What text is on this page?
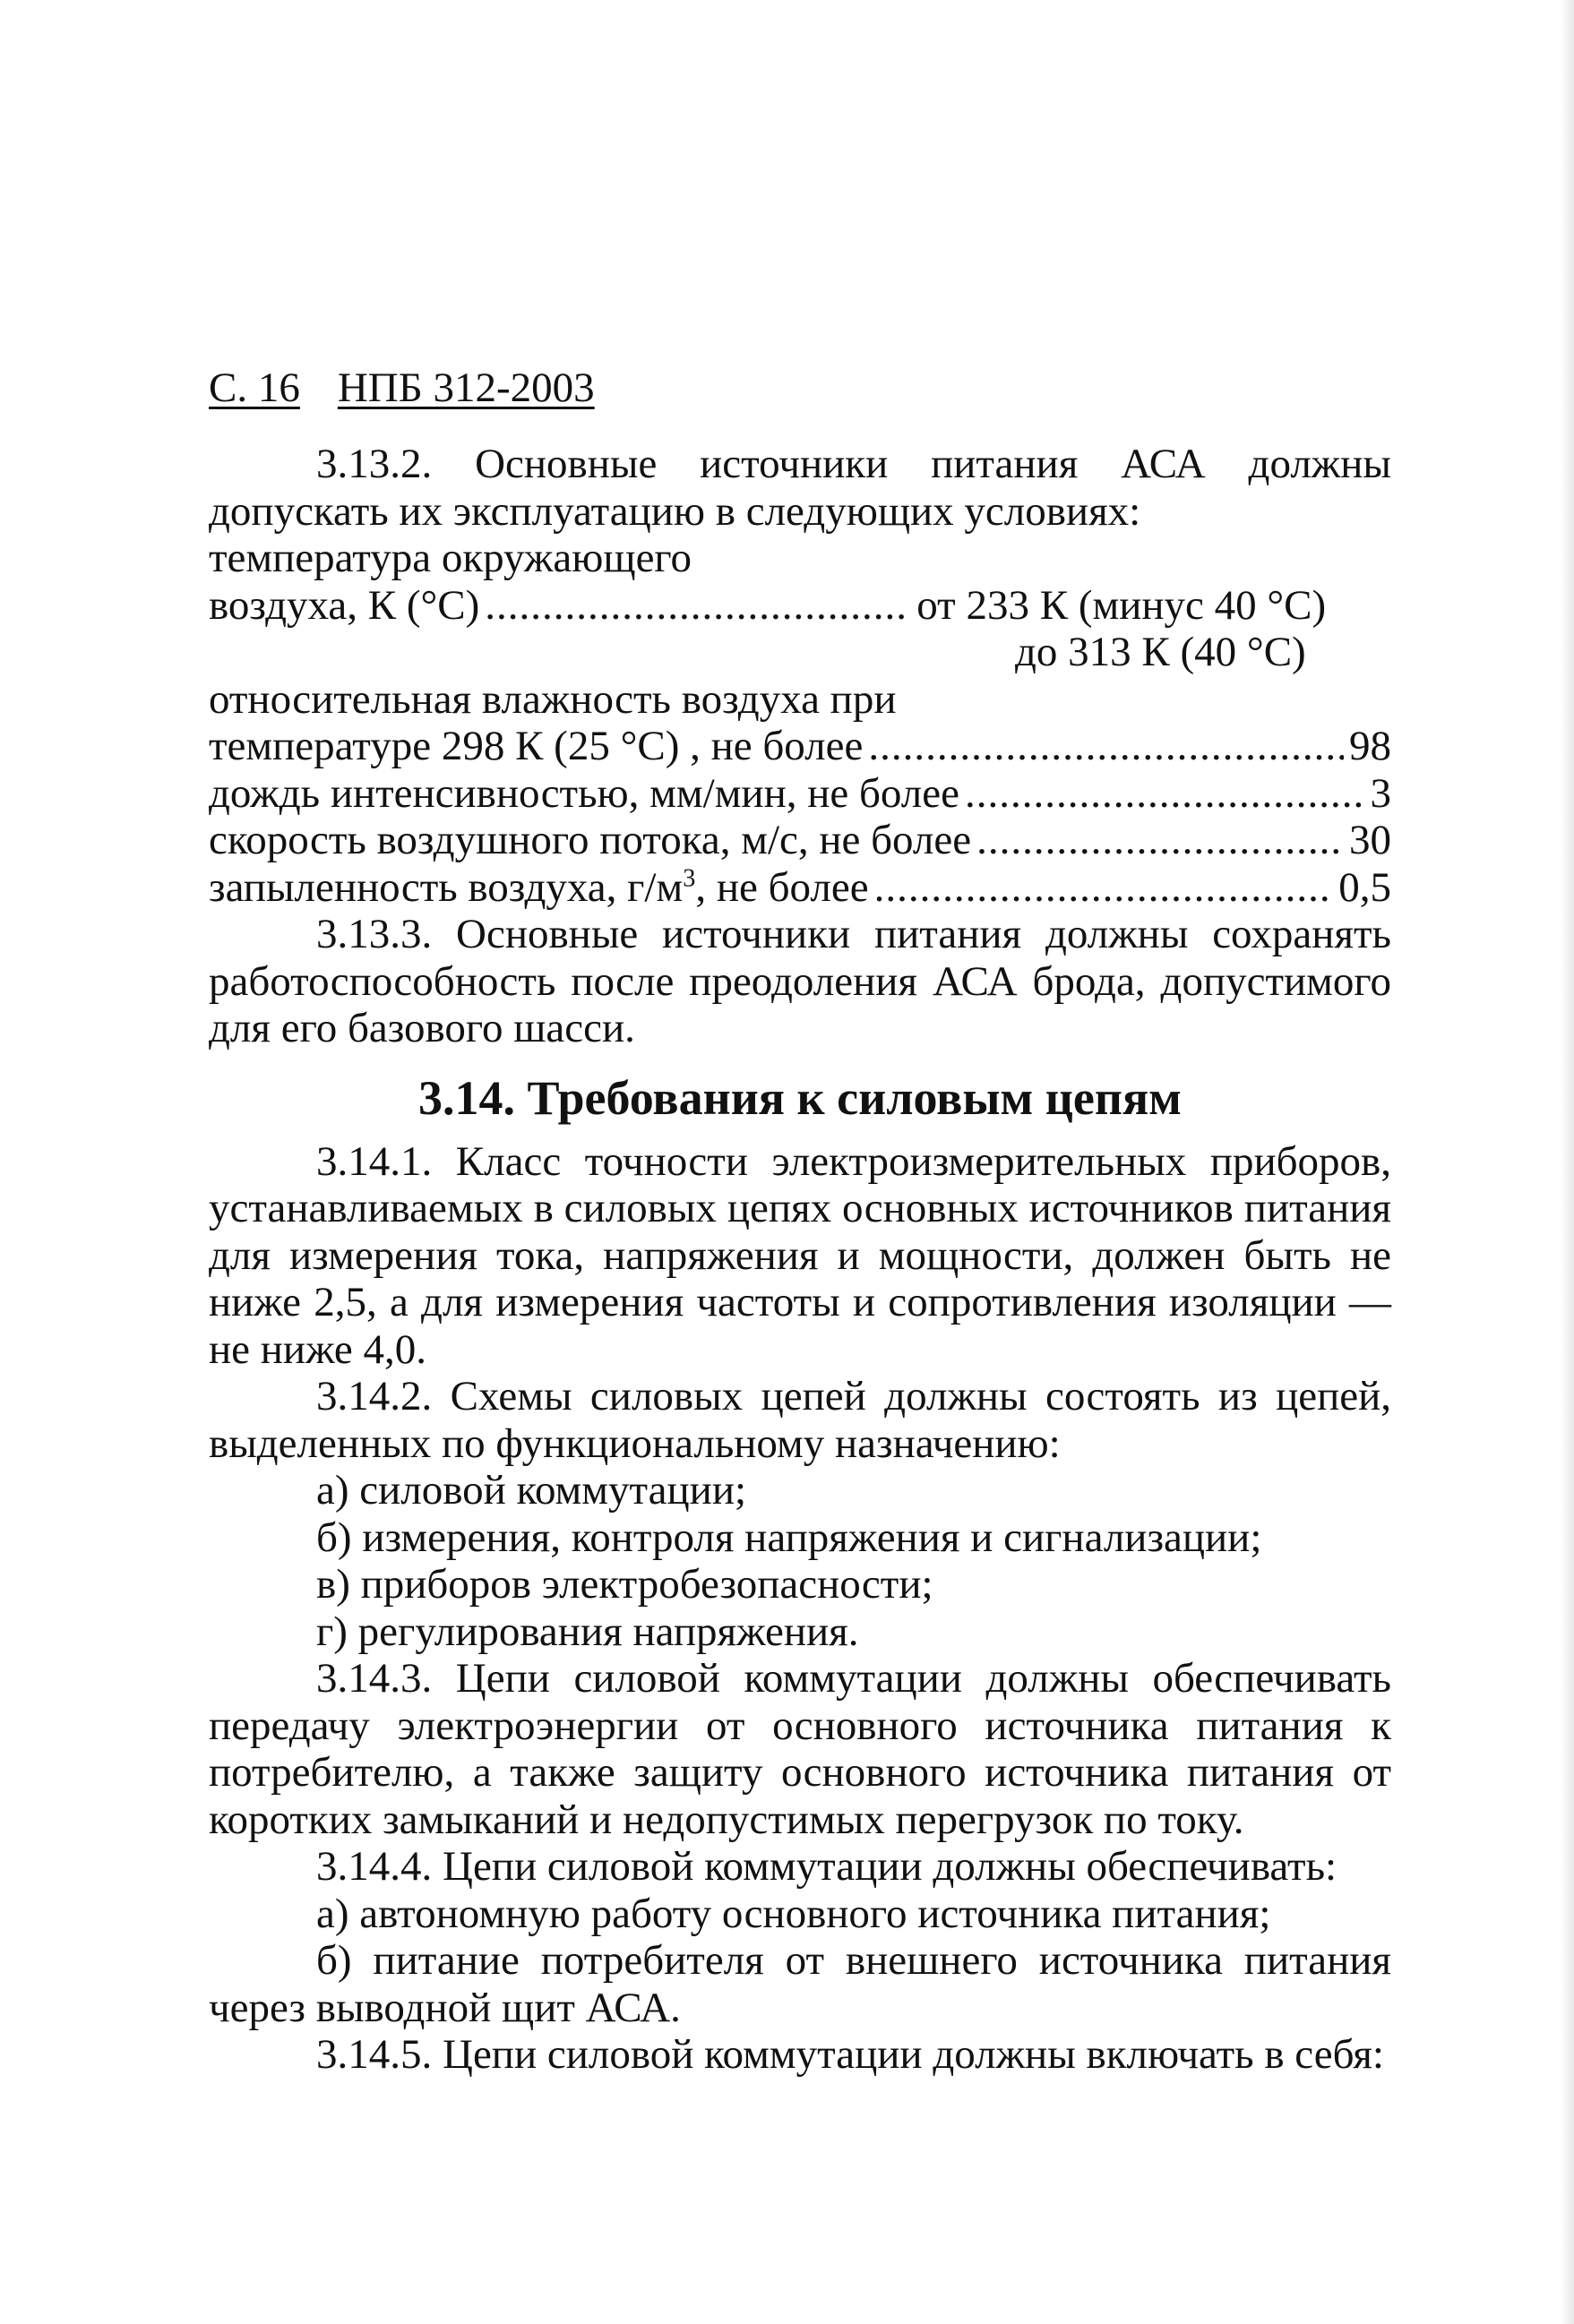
С. 16 НПБ 312-2003

3.13.2. Основные источники питания АСА должны допускать их эксплуатацию в следующих условиях:

температура окружающего

воздуха, К (°С) .....	от 233 К (минус 40 °С)

до 313 К (40 °С)

относительная влажность воздуха при

температуре 298 К (25 °С) , не более .....	98

дождь интенсивностью, мм/мин, не более .....	3

скорость воздушного потока, м/с, не более .....	30

запыленность воздуха, $г/м^3$, не более .....	0,5

3.13.3. Основные источники питания должны сохранять работоспособность после преодоления АСА брода, допустимого для его базового шасси.

3.14. Требования к силовым цепям

3.14.1. Класс точности электроизмерительных приборов, устанавливаемых в силовых цепях основных источников питания для измерения тока, напряжения и мощности, должен быть не ниже 2,5, а для измерения частоты и сопротивления изоляции — не ниже 4,0.

3.14.2. Схемы силовых цепей должны состоять из цепей, выделенных по функциональному назначению:

а) силовой коммутации;

б) измерения, контроля напряжения и сигнализации;

в) приборов электробезопасности;

г) регулирования напряжения.

3.14.3. Цепи силовой коммутации должны обеспечивать передачу электроэнергии от основного источника питания к потребителю, а также защиту основного источника питания от коротких замыканий и недопустимых перегрузок по току.

3.14.4. Цепи силовой коммутации должны обеспечивать:

а) автономную работу основного источника питания;

б) питание потребителя от внешнего источника питания через выводной щит АСА.

3.14.5. Цепи силовой коммутации должны включать в себя:
